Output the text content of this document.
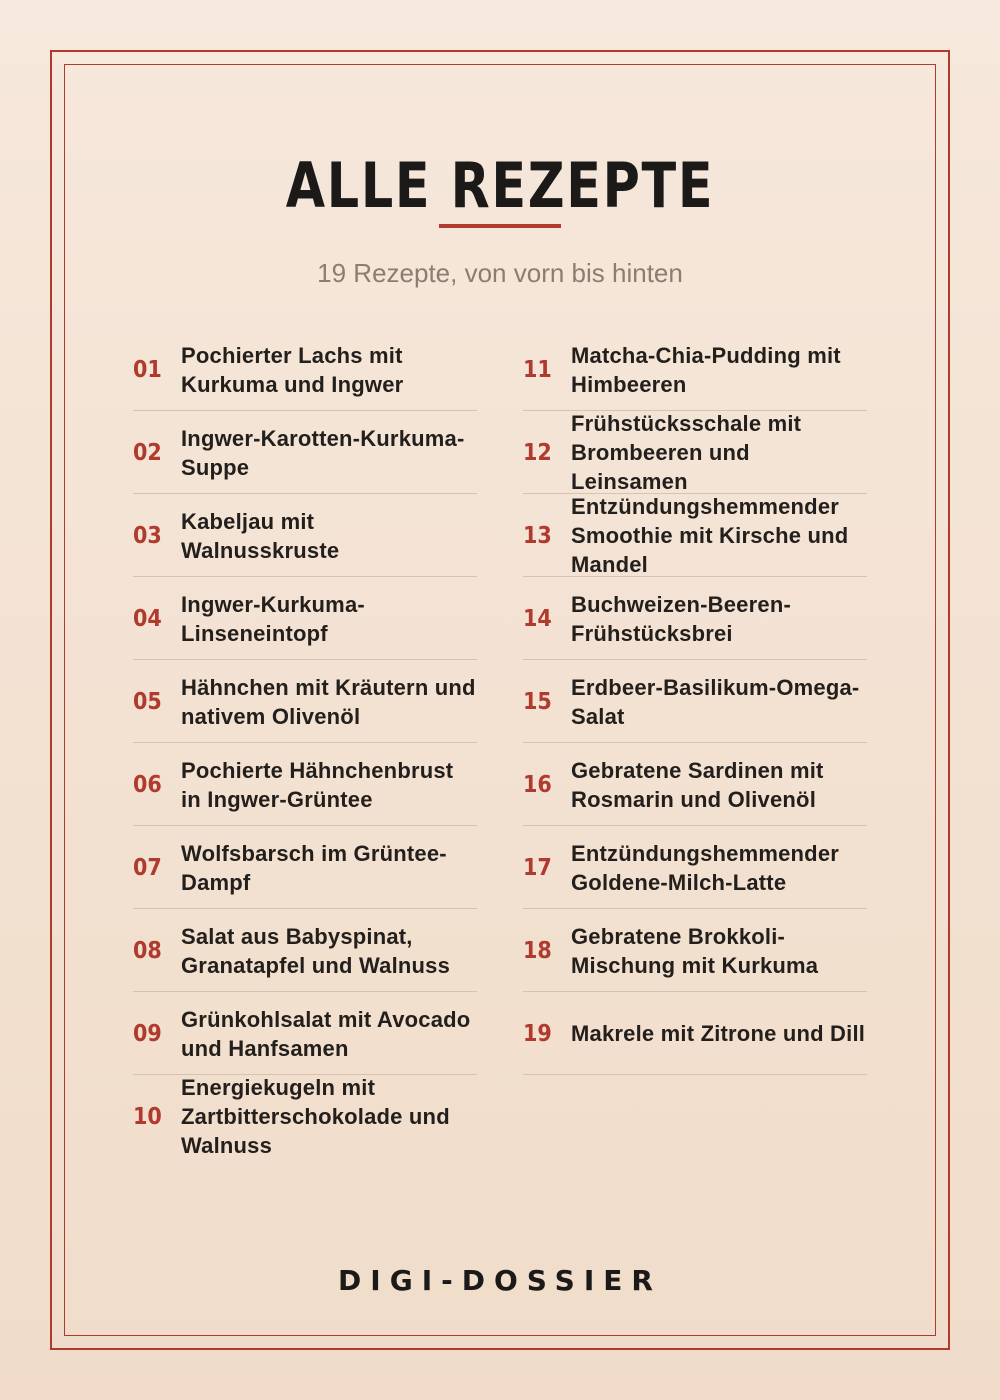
ALLE REZEPTE
19 Rezepte, von vorn bis hinten
01
Pochierter Lachs mit Kurkuma und Ingwer
02
Ingwer-Karotten-Kurkuma-Suppe
03
Kabeljau mit Walnusskruste
04
Ingwer-Kurkuma-Linseneintopf
05
Hähnchen mit Kräutern und nativem Olivenöl
06
Pochierte Hähnchenbrust in Ingwer-Grüntee
07
Wolfsbarsch im Grüntee-Dampf
08
Salat aus Babyspinat, Granatapfel und Walnuss
09
Grünkohlsalat mit Avocado und Hanfsamen
10
Energiekugeln mit Zartbitterschokolade und Walnuss
11
Matcha-Chia-Pudding mit Himbeeren
12
Frühstücksschale mit Brombeeren und Leinsamen
13
Entzündungshemmender Smoothie mit Kirsche und Mandel
14
Buchweizen-Beeren-Frühstücksbrei
15
Erdbeer-Basilikum-Omega-Salat
16
Gebratene Sardinen mit Rosmarin und Olivenöl
17
Entzündungshemmender Goldene-Milch-Latte
18
Gebratene Brokkoli-Mischung mit Kurkuma
19 Makrele mit Zitrone und Dill
DIGI-DOSSIER
